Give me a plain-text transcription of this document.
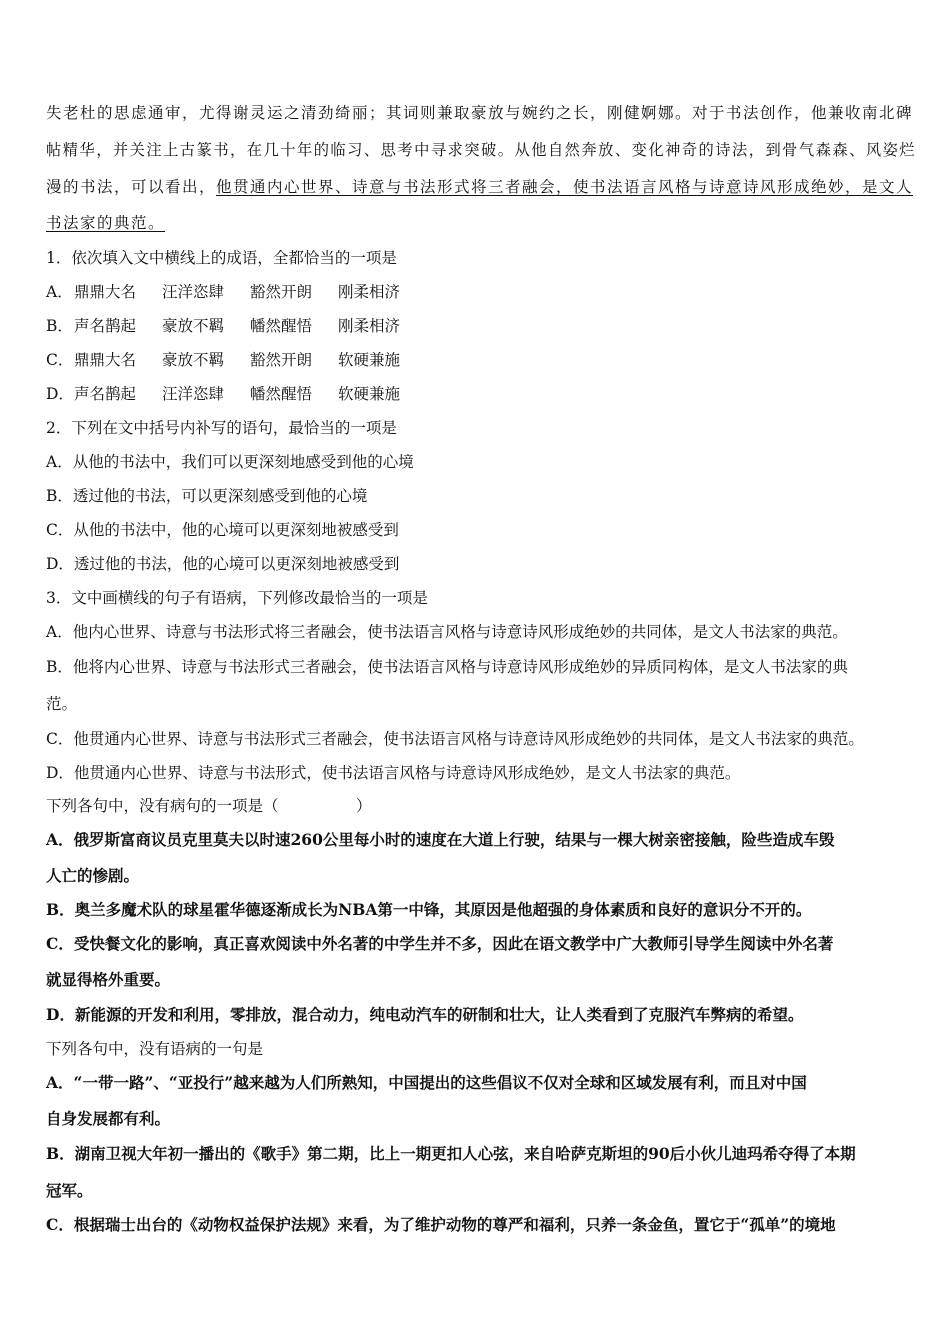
失老杜的思虑通审，尤得谢灵运之清劲绮丽；其词则兼取豪放与婉约之长，刚健婀娜。对于书法创作，他兼收南北碑
帖精华，并关注上古篆书，在几十年的临习、思考中寻求突破。从他自然奔放、变化神奇的诗法，到骨气森森、风姿烂
漫的书法，可以看出，他贯通内心世界、诗意与书法形式将三者融会，使书法语言风格与诗意诗风形成绝妙，是文人
书法家的典范。
1．依次填入文中横线上的成语，全都恰当的一项是
A．鼎鼎大名 汪洋恣肆 豁然开朗 刚柔相济
B．声名鹊起 豪放不羁 幡然醒悟 刚柔相济
C．鼎鼎大名 豪放不羁 豁然开朗 软硬兼施
D．声名鹊起 汪洋恣肆 幡然醒悟 软硬兼施
2．下列在文中括号内补写的语句，最恰当的一项是
A．从他的书法中，我们可以更深刻地感受到他的心境
B．透过他的书法，可以更深刻感受到他的心境
C．从他的书法中，他的心境可以更深刻地被感受到
D．透过他的书法，他的心境可以更深刻地被感受到
3．文中画横线的句子有语病，下列修改最恰当的一项是
A．他内心世界、诗意与书法形式将三者融会，使书法语言风格与诗意诗风形成绝妙的共同体，是文人书法家的典范。
B．他将内心世界、诗意与书法形式三者融会，使书法语言风格与诗意诗风形成绝妙的异质同构体，是文人书法家的典
范。
C．他贯通内心世界、诗意与书法形式三者融会，使书法语言风格与诗意诗风形成绝妙的共同体，是文人书法家的典范。
D．他贯通内心世界、诗意与书法形式，使书法语言风格与诗意诗风形成绝妙，是文人书法家的典范。
下列各句中，没有病句的一项是（　　　　　）
A．俄罗斯富商议员克里莫夫以时速260公里每小时的速度在大道上行驶，结果与一棵大树亲密接触，险些造成车毁
人亡的惨剧。
B．奥兰多魔术队的球星霍华德逐渐成长为NBA第一中锋，其原因是他超强的身体素质和良好的意识分不开的。
C．受快餐文化的影响，真正喜欢阅读中外名著的中学生并不多，因此在语文教学中广大教师引导学生阅读中外名著
就显得格外重要。
D．新能源的开发和利用，零排放，混合动力，纯电动汽车的研制和壮大，让人类看到了克服汽车弊病的希望。
下列各句中，没有语病的一句是
A．“一带一路”、“亚投行”越来越为人们所熟知，中国提出的这些倡议不仅对全球和区域发展有利，而且对中国
自身发展都有利。
B．湖南卫视大年初一播出的《歌手》第二期，比上一期更扣人心弦，来自哈萨克斯坦的90后小伙儿迪玛希夺得了本期
冠军。
C．根据瑞士出台的《动物权益保护法规》来看，为了维护动物的尊严和福利，只养一条金鱼，置它于“孤单”的境地
